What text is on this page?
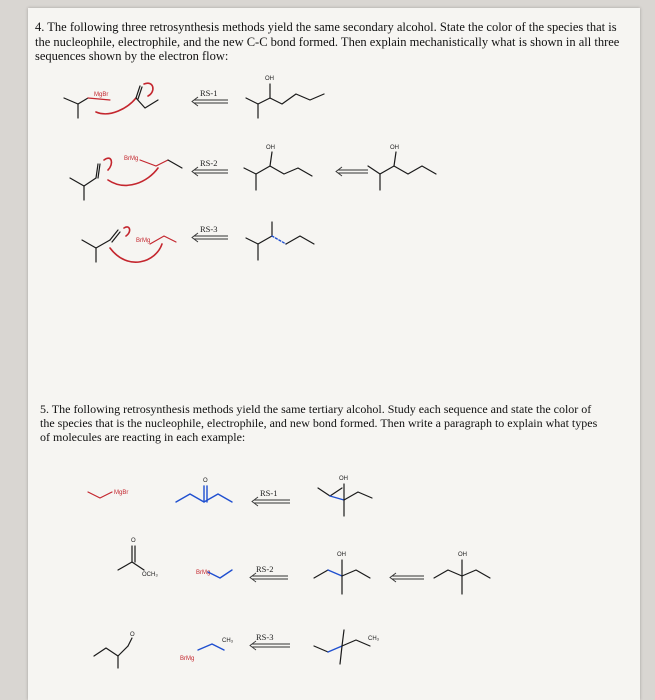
4. The following three retrosynthesis methods yield the same secondary alcohol. State the color of the species that is the nucleophile, electrophile, and the new C-C bond formed. Then explain mechanistically what is shown in all three sequences shown by the electron flow:
5. The following retrosynthesis methods yield the same tertiary alcohol. Study each sequence and state the color of the species that is the nucleophile, electrophile, and new bond formed. Then write a paragraph to explain what types of molecules are reacting in each example:
MgBr	RS-1
OH
BrMg	RS-2
OH	OH
BrMg
RS-3
MgBr
O
RS-1
OH
O
OCH₃	BrMg	RS-2
OH	OH
O
BrMg
CH₃	RS-3	CH₃
